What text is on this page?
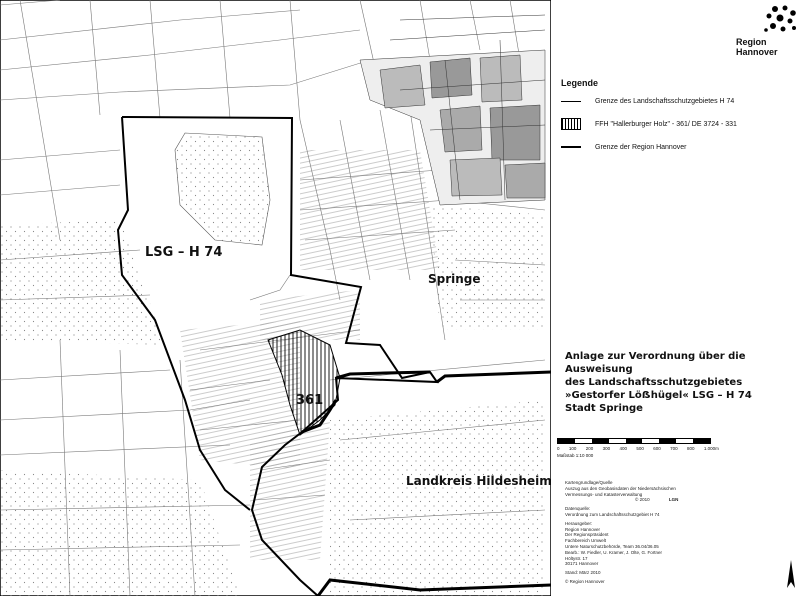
LSG – H 74
Springe
361
Landkreis Hildesheim
Region Hannover
Legende
Grenze des Landschaftsschutzgebietes H 74
FFH "Hallerburger Holz" - 361/ DE 3724 - 331
Grenze der Region Hannover
Anlage zur Verordnung über die Ausweisung
des Landschaftsschutzgebietes
»Gestorfer Löẞhügel« LSG – H 74
Stadt Springe
0 100 200 300 400 500 600 700 800 1.000m
Maßstab 1:10 000

Kartengrundlage/Quelle
Auszug aus den Geobasisdaten der Niedersächsischen
Vermessungs- und Katasterverwaltung
© 2010	LGN

Datenquelle:
Verordnung zum Landschaftsschutzgebiet H 74

Herausgeber:
Region Hannover
Der Regionspräsident
Fachbereich Umwelt
Untere Naturschutzbehörde, Team 36.04/36.05
Bearb.: W. Fiedler, U. Kramer, J. Olte, G. Fortner
Höltystr. 17
30171 Hannover

Stand: März 2010

© Region Hannover
